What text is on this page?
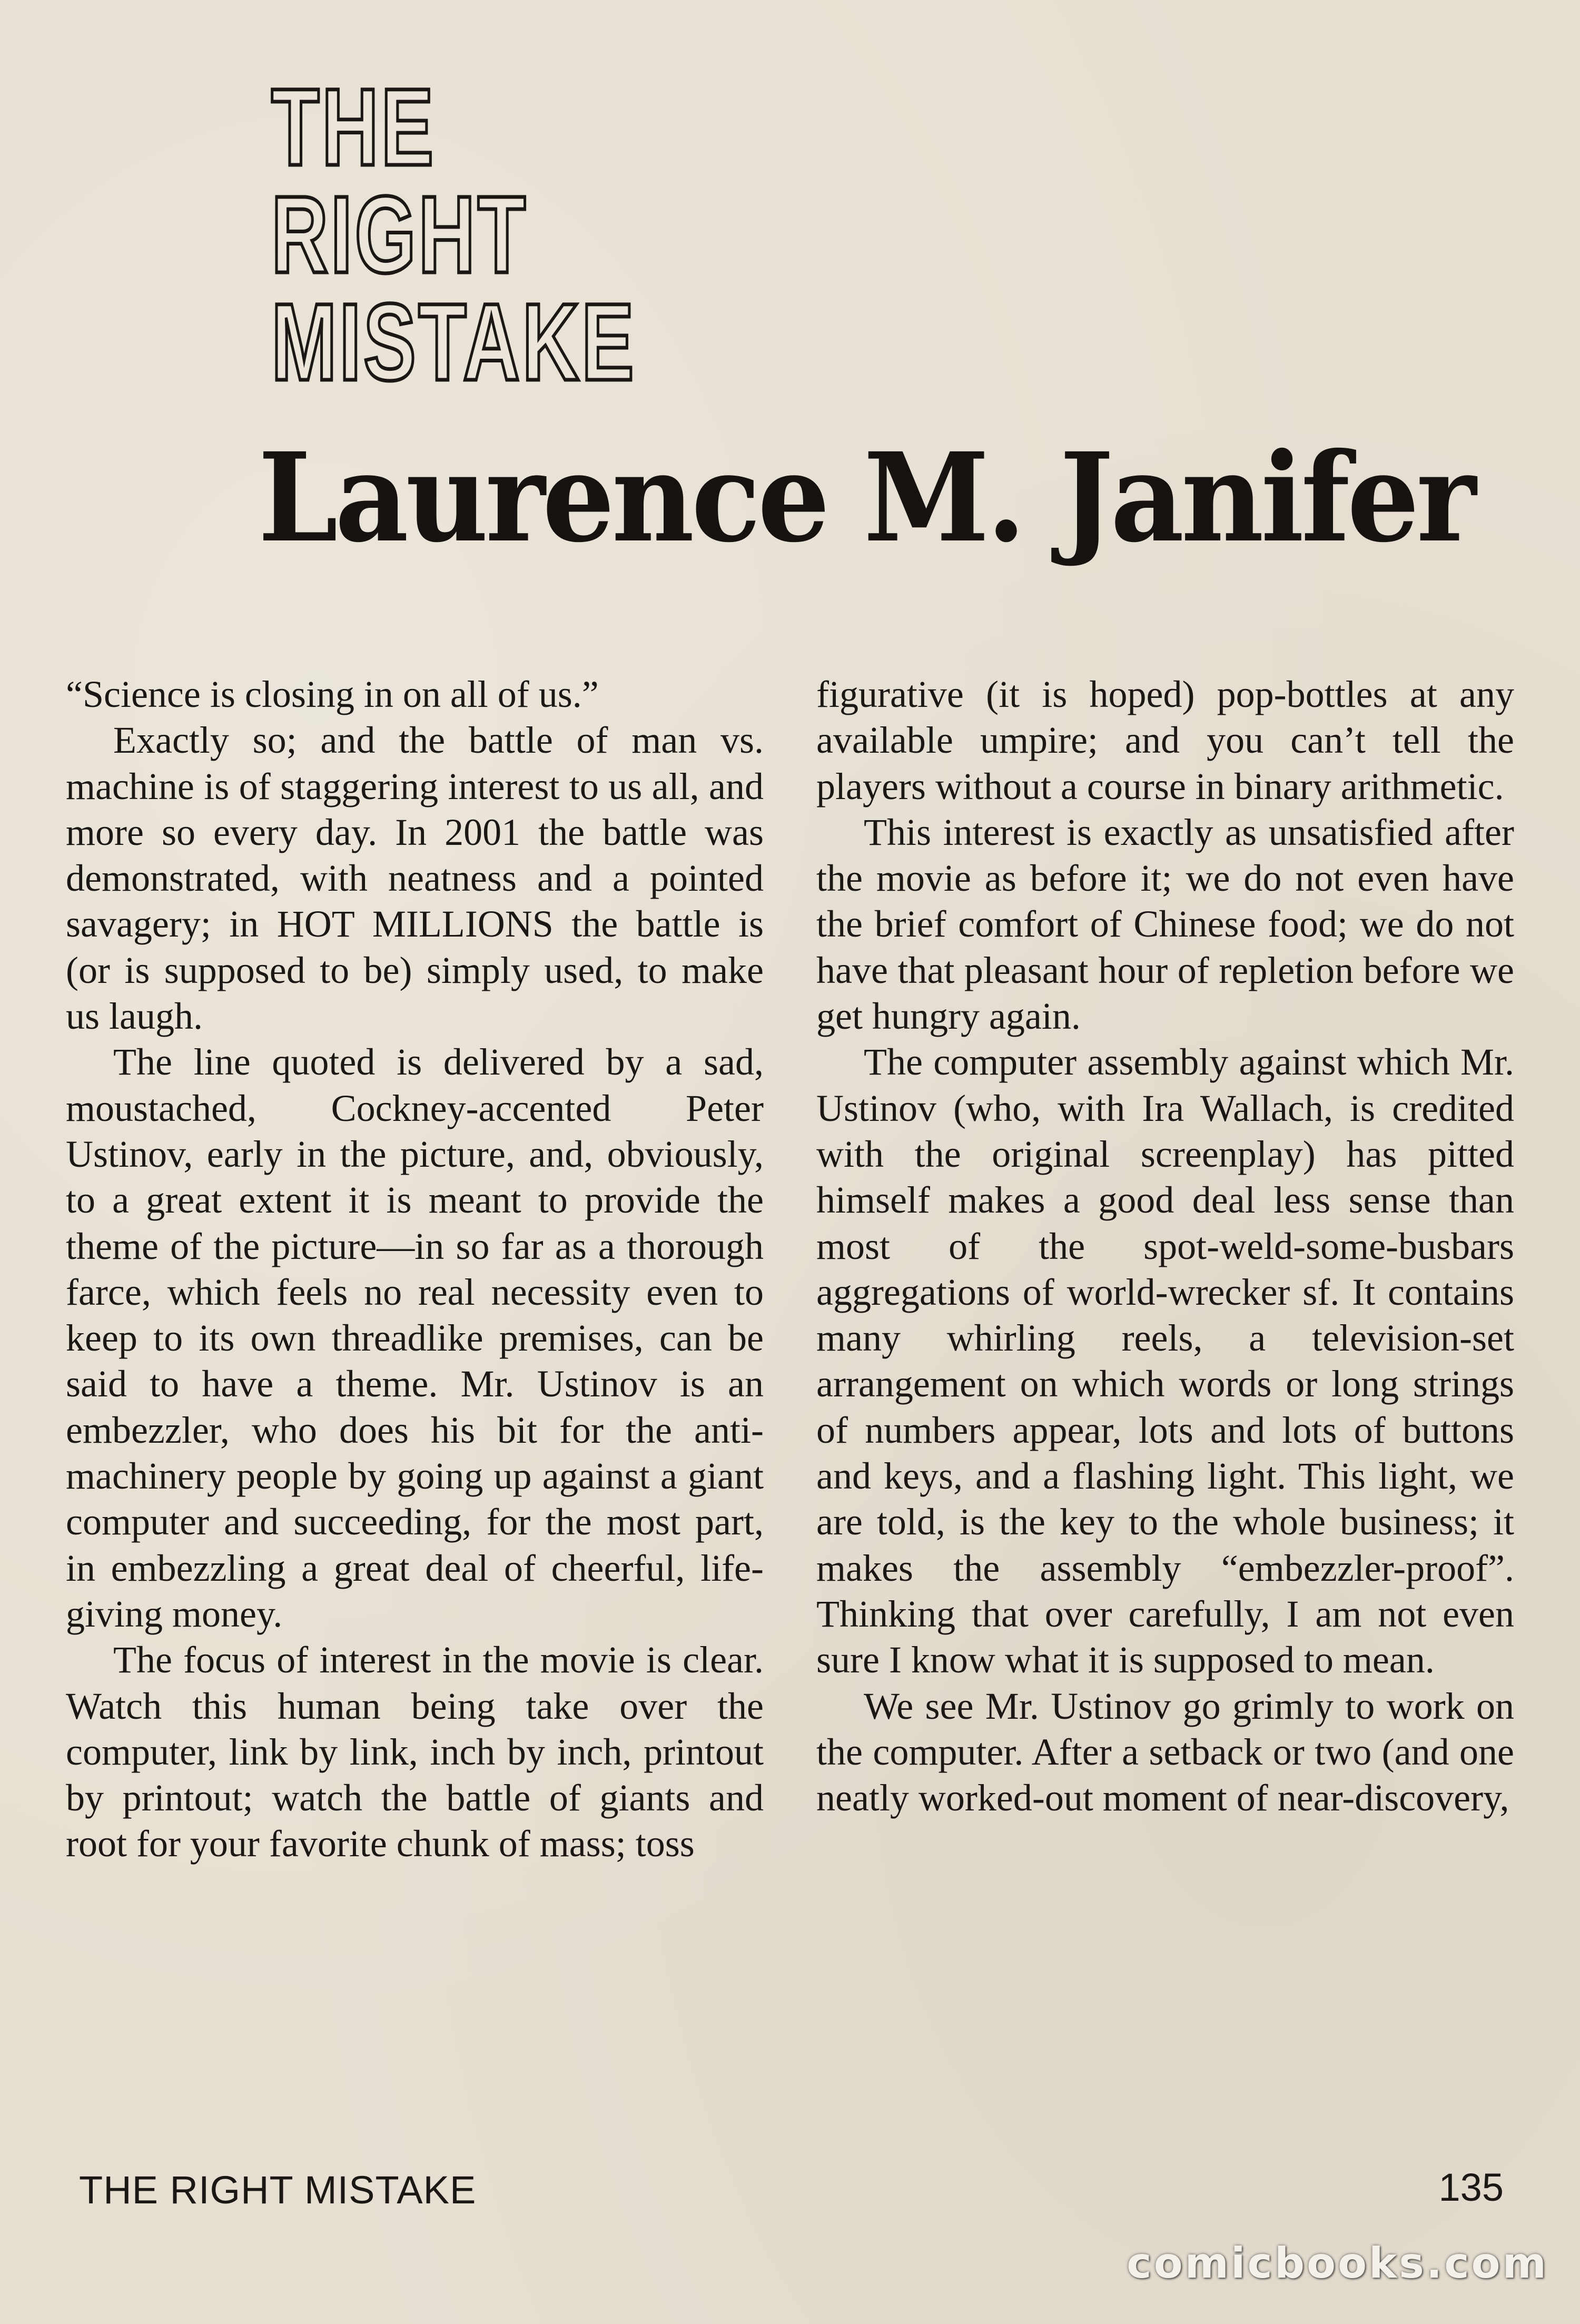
THE
RIGHT
MISTAKE
Laurence M. Janifer

“Science is closing in on all of us.”

Exactly so; and the battle of man vs. machine is of staggering interest to us all, and more so every day. In 2001 the battle was demonstrated, with neatness and a pointed savagery; in HOT MILLIONS the battle is (or is supposed to be) simply used, to make us laugh.

The line quoted is delivered by a sad, moustached, Cockney-accented Peter Ustinov, early in the picture, and, obviously, to a great extent it is meant to provide the theme of the picture—in so far as a thorough farce, which feels no real necessity even to keep to its own threadlike premises, can be said to have a theme. Mr. Ustinov is an embezzler, who does his bit for the anti-machinery people by going up against a giant computer and succeeding, for the most part, in embezzling a great deal of cheerful, life-giving money.

The focus of interest in the movie is clear. Watch this human being take over the computer, link by link, inch by inch, printout by printout; watch the battle of giants and root for your favorite chunk of mass; toss

figurative (it is hoped) pop-bottles at any available umpire; and you can’t tell the players without a course in binary arithmetic.

This interest is exactly as unsatisfied after the movie as before it; we do not even have the brief comfort of Chinese food; we do not have that pleasant hour of repletion before we get hungry again.

The computer assembly against which Mr. Ustinov (who, with Ira Wallach, is credited with the original screenplay) has pitted himself makes a good deal less sense than most of the spot-weld-some-busbars aggregations of world-wrecker sf. It contains many whirling reels, a television-set arrangement on which words or long strings of numbers appear, lots and lots of buttons and keys, and a flashing light. This light, we are told, is the key to the whole business; it makes the assembly “embezzler-proof”. Thinking that over carefully, I am not even sure I know what it is supposed to mean.

We see Mr. Ustinov go grimly to work on the computer. After a setback or two (and one neatly worked-out moment of near-discovery,

THE RIGHT MISTAKE	135
comicbooks.com
